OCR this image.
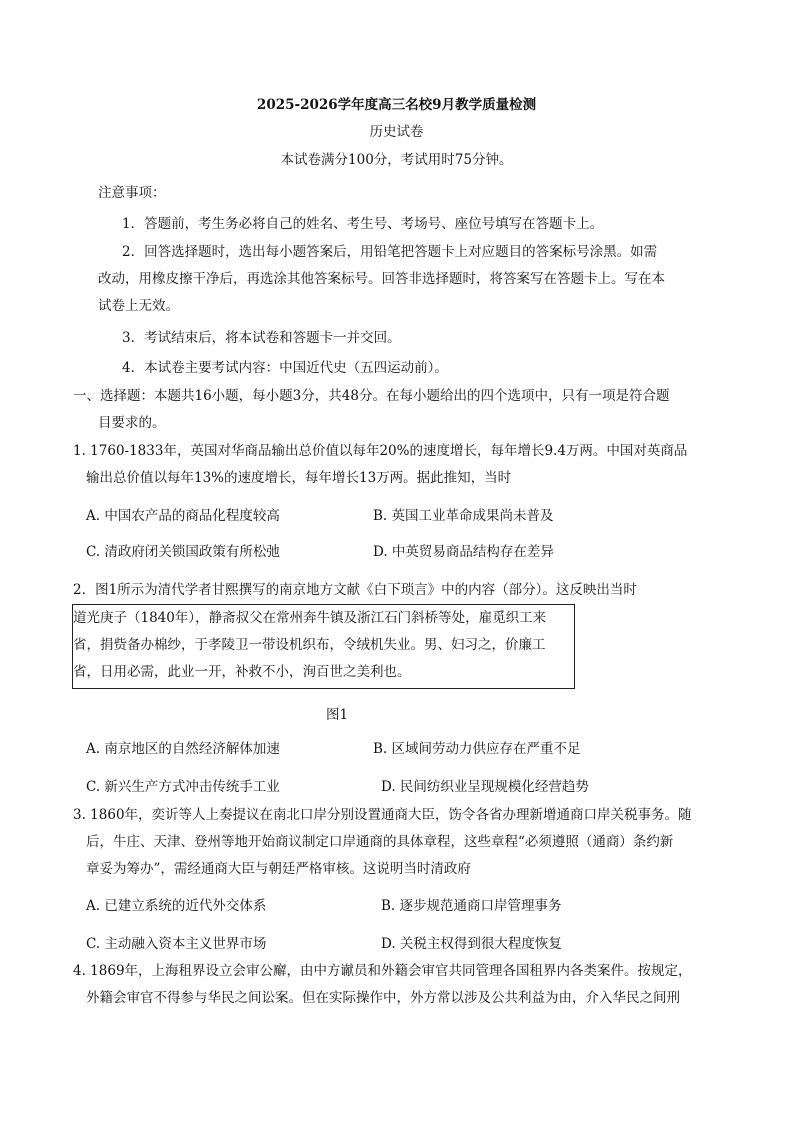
2025-2026学年度高三名校9月教学质量检测
历史试卷
本试卷满分100分，考试用时75分钟。
注意事项：
1．答题前，考生务必将自己的姓名、考生号、考场号、座位号填写在答题卡上。
2．回答选择题时，选出每小题答案后，用铅笔把答题卡上对应题目的答案标号涂黑。如需
改动，用橡皮擦干净后，再选涂其他答案标号。回答非选择题时，将答案写在答题卡上。写在本
试卷上无效。
3．考试结束后，将本试卷和答题卡一并交回。
4．本试卷主要考试内容：中国近代史（五四运动前）。
一、选择题：本题共16小题，每小题3分，共48分。在每小题给出的四个选项中，只有一项是符合题
目要求的。
1. 1760-1833年，英国对华商品输出总价值以每年20%的速度增长，每年增长9.4万两。中国对英商品
输出总价值以每年13%的速度增长，每年增长13万两。据此推知，当时
A. 中国农产品的商品化程度较高	B. 英国工业革命成果尚未普及
C. 清政府闭关锁国政策有所松弛	D. 中英贸易商品结构存在差异
2．图1所示为清代学者甘熙撰写的南京地方文献《白下琐言》中的内容（部分）。这反映出当时
道光庚子（1840年），静斋叔父在常州奔牛镇及浙江石门斜桥等处，雇觅织工来
省，捐赀备办棉纱，于孝陵卫一带设机织布，令绒机失业。男、妇习之，价廉工
省，日用必需，此业一开，补救不小，洵百世之美利也。
图1
A. 南京地区的自然经济解体加速	B. 区域间劳动力供应存在严重不足
C. 新兴生产方式冲击传统手工业	D. 民间纺织业呈现规模化经营趋势
3. 1860年，奕䜣等人上奏提议在南北口岸分别设置通商大臣，饬令各省办理新增通商口岸关税事务。随
后，牛庄、天津、登州等地开始商议制定口岸通商的具体章程，这些章程“必须遵照（通商）条约新
章妥为筹办”，需经通商大臣与朝廷严格审核。这说明当时清政府
A. 已建立系统的近代外交体系	B. 逐步规范通商口岸管理事务
C. 主动融入资本主义世界市场	D. 关税主权得到很大程度恢复
4. 1869年，上海租界设立会审公廨，由中方谳员和外籍会审官共同管理各国租界内各类案件。按规定，
外籍会审官不得参与华民之间讼案。但在实际操作中，外方常以涉及公共利益为由，介入华民之间刑
